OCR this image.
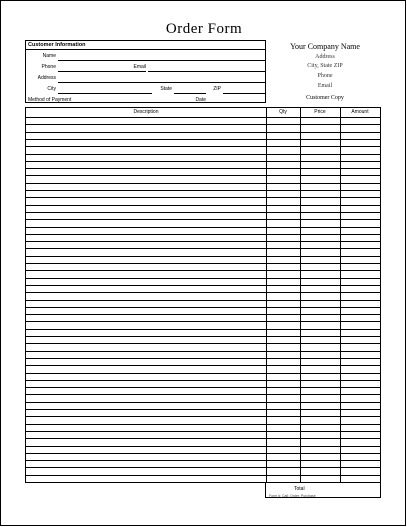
Order Form
Customer Information
Name
Phone	Email
Address
City	State	ZIP
Method of Payment	Date
Your Company Name
Address
City, State ZIP
Phone
Email
Customer Copy
Description	Qty	Price	Amount
Total
Form #: Call: Order: Purchase
